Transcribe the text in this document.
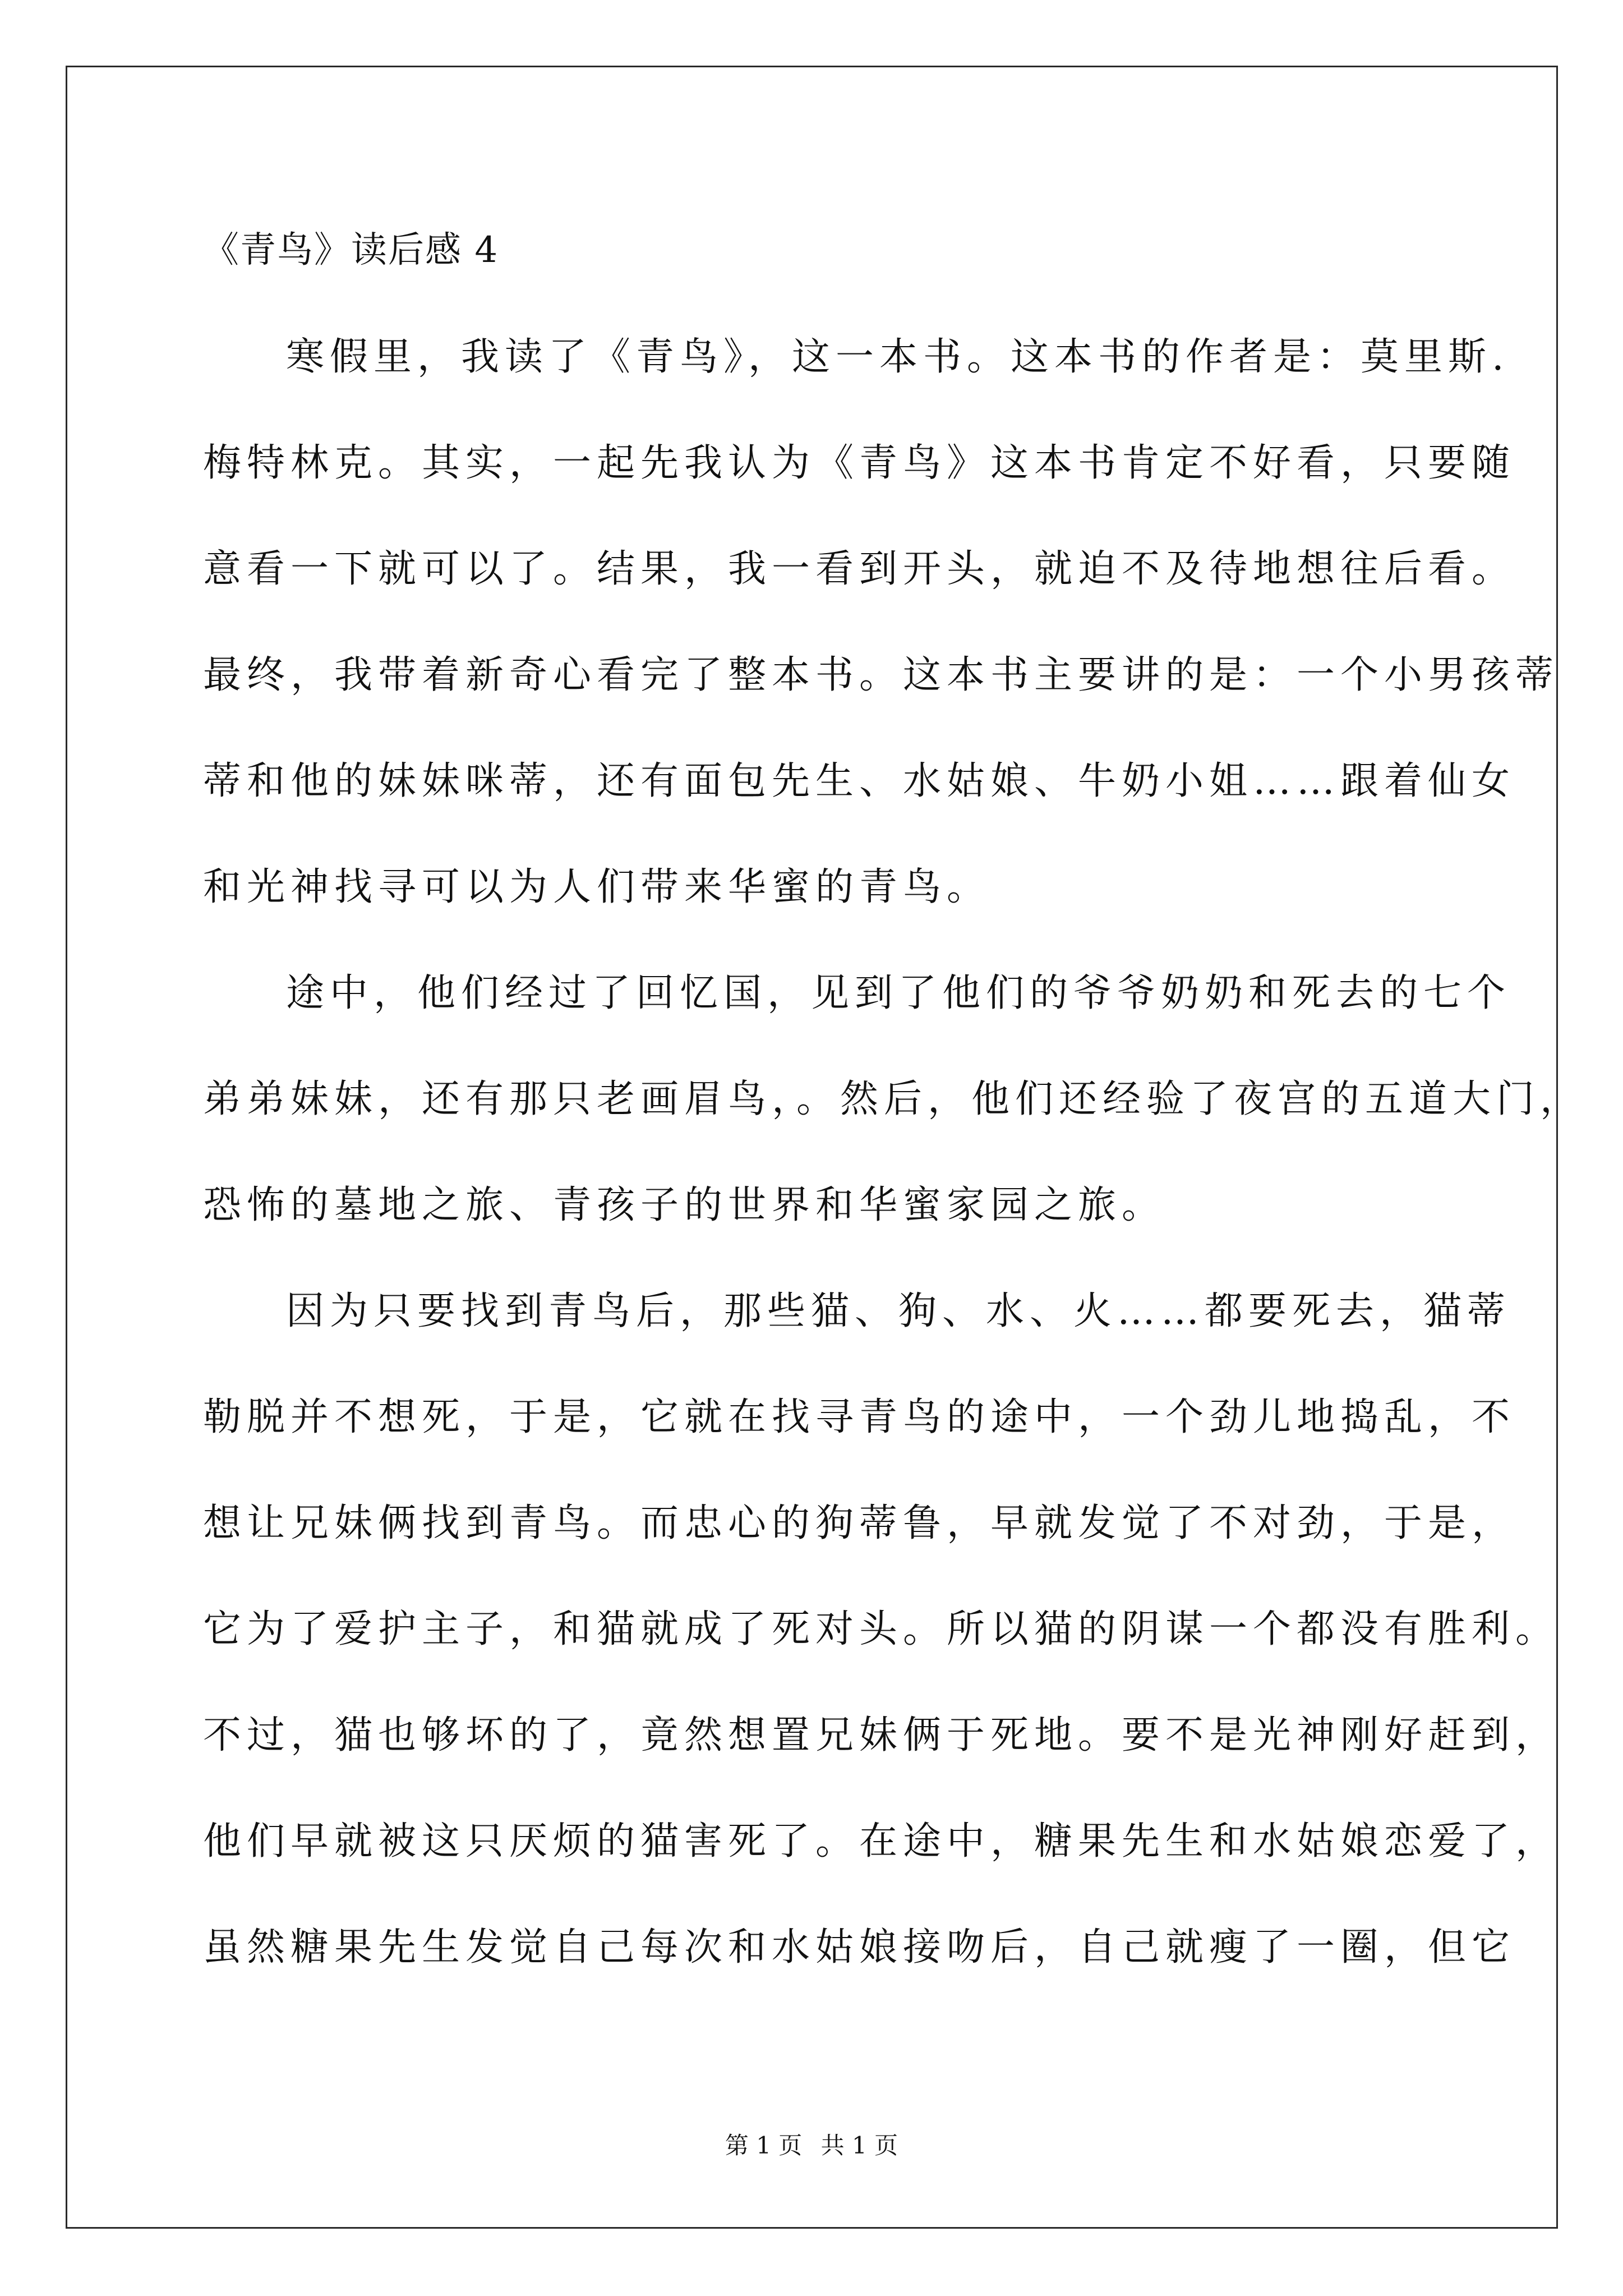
《青鸟》读后感 4
寒假里，我读了《青鸟》，这一本书。这本书的作者是：莫里斯.
梅特林克。其实，一起先我认为《青鸟》这本书肯定不好看，只要随
意看一下就可以了。结果，我一看到开头，就迫不及待地想往后看。
最终，我带着新奇心看完了整本书。这本书主要讲的是：一个小男孩蒂
蒂和他的妹妹咪蒂，还有面包先生、水姑娘、牛奶小姐……跟着仙女
和光神找寻可以为人们带来华蜜的青鸟。
途中，他们经过了回忆国，见到了他们的爷爷奶奶和死去的七个
弟弟妹妹，还有那只老画眉鸟，。然后，他们还经验了夜宫的五道大门，
恐怖的墓地之旅、青孩子的世界和华蜜家园之旅。
因为只要找到青鸟后，那些猫、狗、水、火……都要死去，猫蒂
勒脱并不想死，于是，它就在找寻青鸟的途中，一个劲儿地捣乱，不
想让兄妹俩找到青鸟。而忠心的狗蒂鲁，早就发觉了不对劲，于是，
它为了爱护主子，和猫就成了死对头。所以猫的阴谋一个都没有胜利。
不过，猫也够坏的了，竟然想置兄妹俩于死地。要不是光神刚好赶到，
他们早就被这只厌烦的猫害死了。在途中，糖果先生和水姑娘恋爱了，
虽然糖果先生发觉自己每次和水姑娘接吻后，自己就瘦了一圈，但它
第 1 页 共 1 页
